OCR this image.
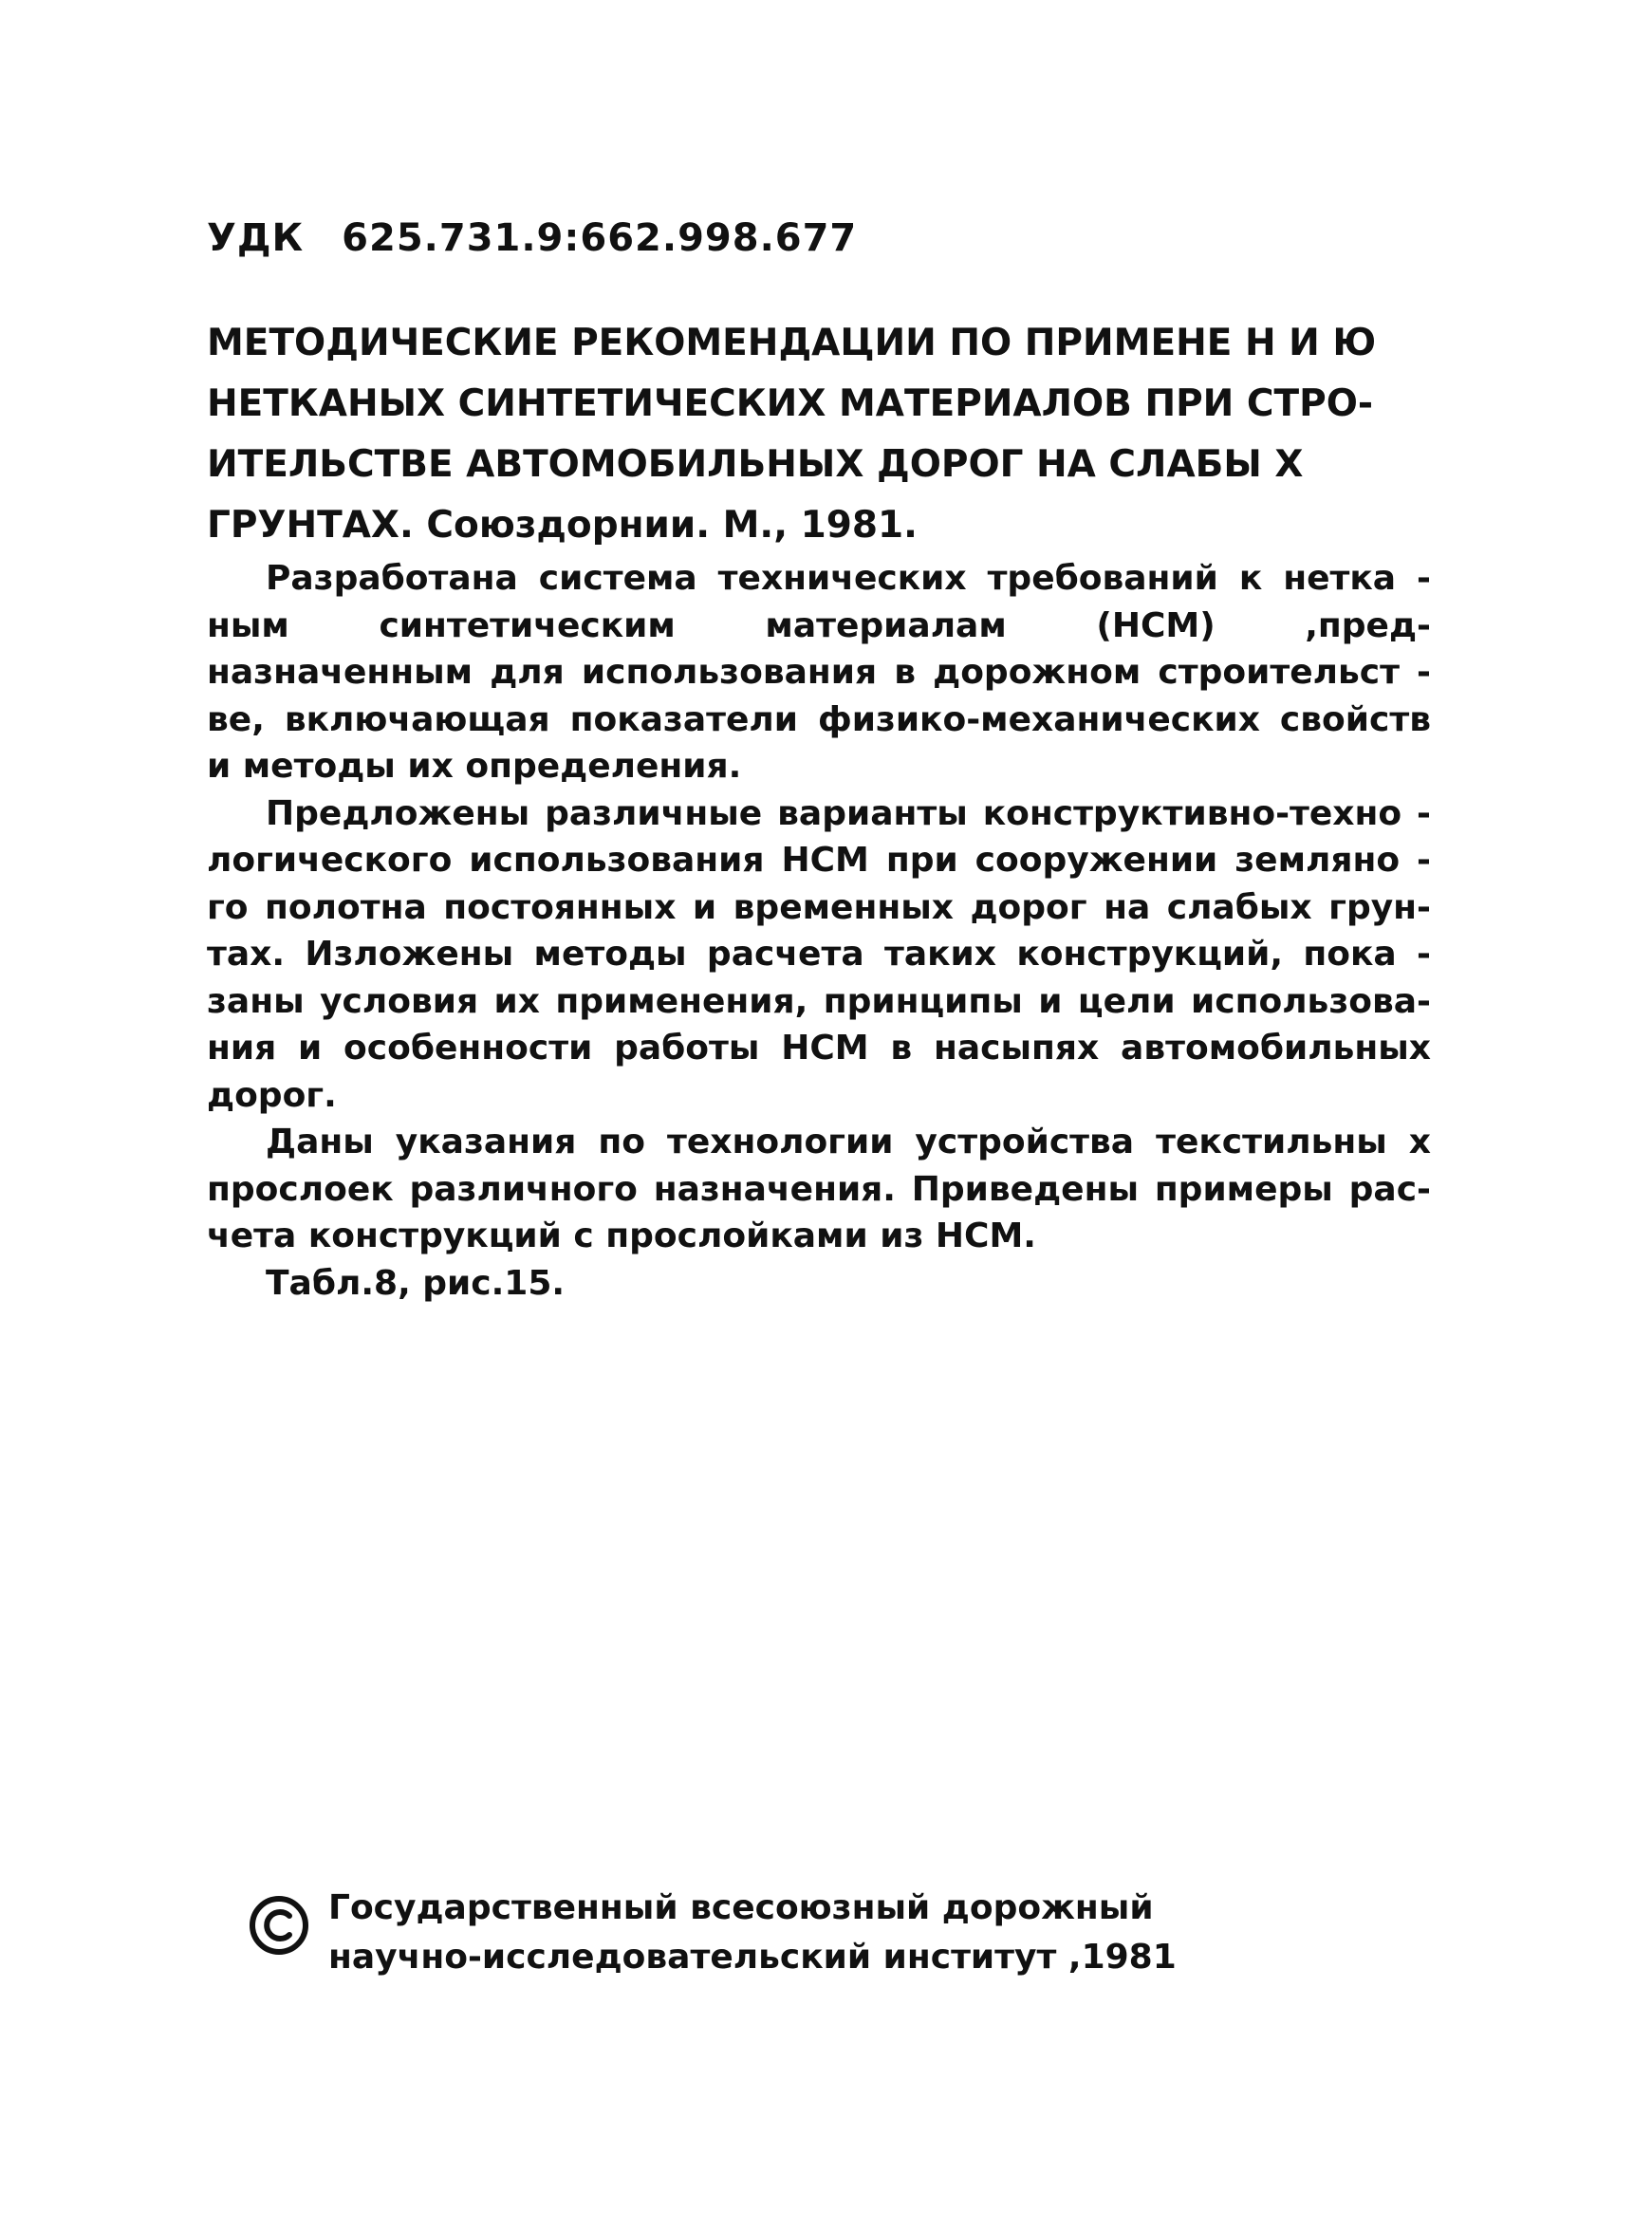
УДК 625.731.9:662.998.677
МЕТОДИЧЕСКИЕ РЕКОМЕНДАЦИИ ПО ПРИМЕНЕ Н И Ю
НЕТКАНЫХ СИНТЕТИЧЕСКИХ МАТЕРИАЛОВ ПРИ СТРО-
ИТЕЛЬСТВЕ АВТОМОБИЛЬНЫХ ДОРОГ НА СЛАБЫ Х
ГРУНТАХ. Союздорнии. М., 1981.
Разработана система технических требований к нетка -
ным синтетическим материалам (НСМ) ,пред-
назначенным для использования в дорожном строительст -
ве, включающая показатели физико-механических свойств
и методы их определения.
Предложены различные варианты конструктивно-техно -
логического использования НСМ при сооружении земляно -
го полотна постоянных и временных дорог на слабых грун-
тах. Изложены методы расчета таких конструкций, пока -
заны условия их применения, принципы и цели использова-
ния и особенности работы НСМ в насыпях автомобильных
дорог.
Даны указания по технологии устройства текстильны х
прослоек различного назначения. Приведены примеры рас-
чета конструкций с прослойками из НСМ.
Табл.8, рис.15.
Государственный всесоюзный дорожный
научно-исследовательский институт ,1981
